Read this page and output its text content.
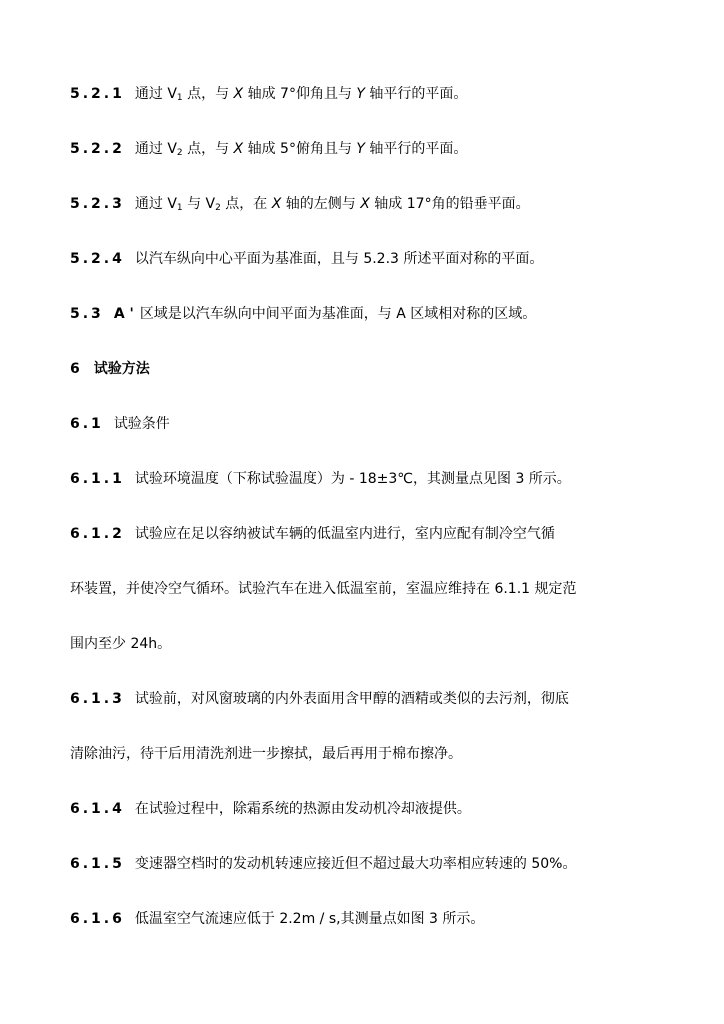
5.2.1 通过 $V_1$ 点，与 X 轴成 7°仰角且与 Y 轴平行的平面。
5.2.2 通过 $V_2$ 点，与 X 轴成 5°俯角且与 Y 轴平行的平面。
5.2.3 通过 $V_1$ 与 $V_2$ 点，在 X 轴的左侧与 X 轴成 17°角的铅垂平面。
5.2.4 以汽车纵向中心平面为基准面，且与 5.2.3 所述平面对称的平面。
5.3 A ' 区域是以汽车纵向中间平面为基准面，与 A 区域相对称的区域。
6 试验方法
6.1 试验条件
6.1.1 试验环境温度（下称试验温度）为 - 18±3℃，其测量点见图 3 所示。
6.1.2 试验应在足以容纳被试车辆的低温室内进行，室内应配有制冷空气循
环装置，并使冷空气循环。试验汽车在进入低温室前，室温应维持在 6.1.1 规定范
围内至少 24h。
6.1.3 试验前，对风窗玻璃的内外表面用含甲醇的酒精或类似的去污剂，彻底
清除油污，待干后用清洗剂进一步擦拭，最后再用于棉布擦净。
6.1.4 在试验过程中，除霜系统的热源由发动机冷却液提供。
6.1.5 变速器空档时的发动机转速应接近但不超过最大功率相应转速的 50%。
6.1.6 低温室空气流速应低于 2.2m / s,其测量点如图 3 所示。
